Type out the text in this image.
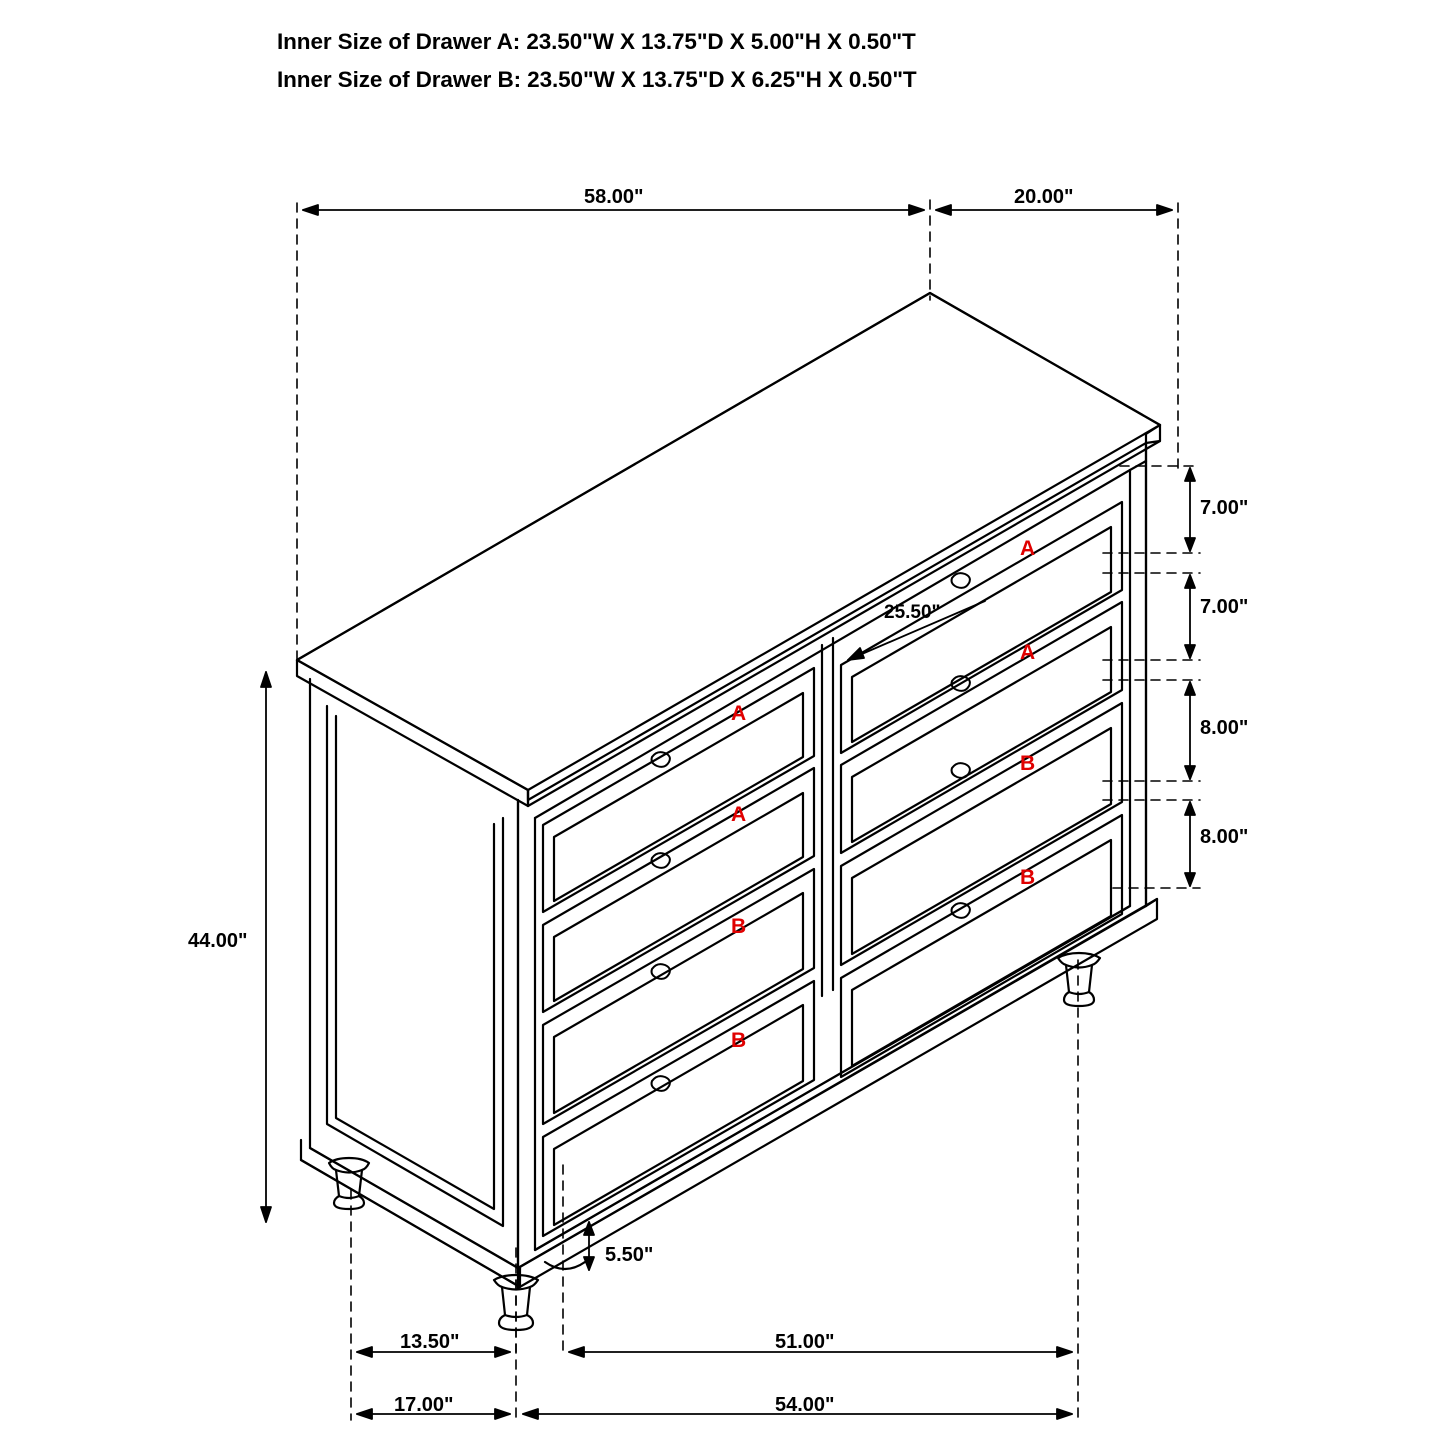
Inner Size of Drawer A: 23.50"W X 13.75"D X 5.00"H X 0.50"T
Inner Size of Drawer B: 23.50"W X 13.75"D X 6.25"H X 0.50"T
58.00"	20.00"
44.00"
7.00"
7.00"
8.00"
8.00"
25.50"
5.50"
13.50"	51.00"
17.00"	54.00"
A
A
B
B
A
A
B
B
